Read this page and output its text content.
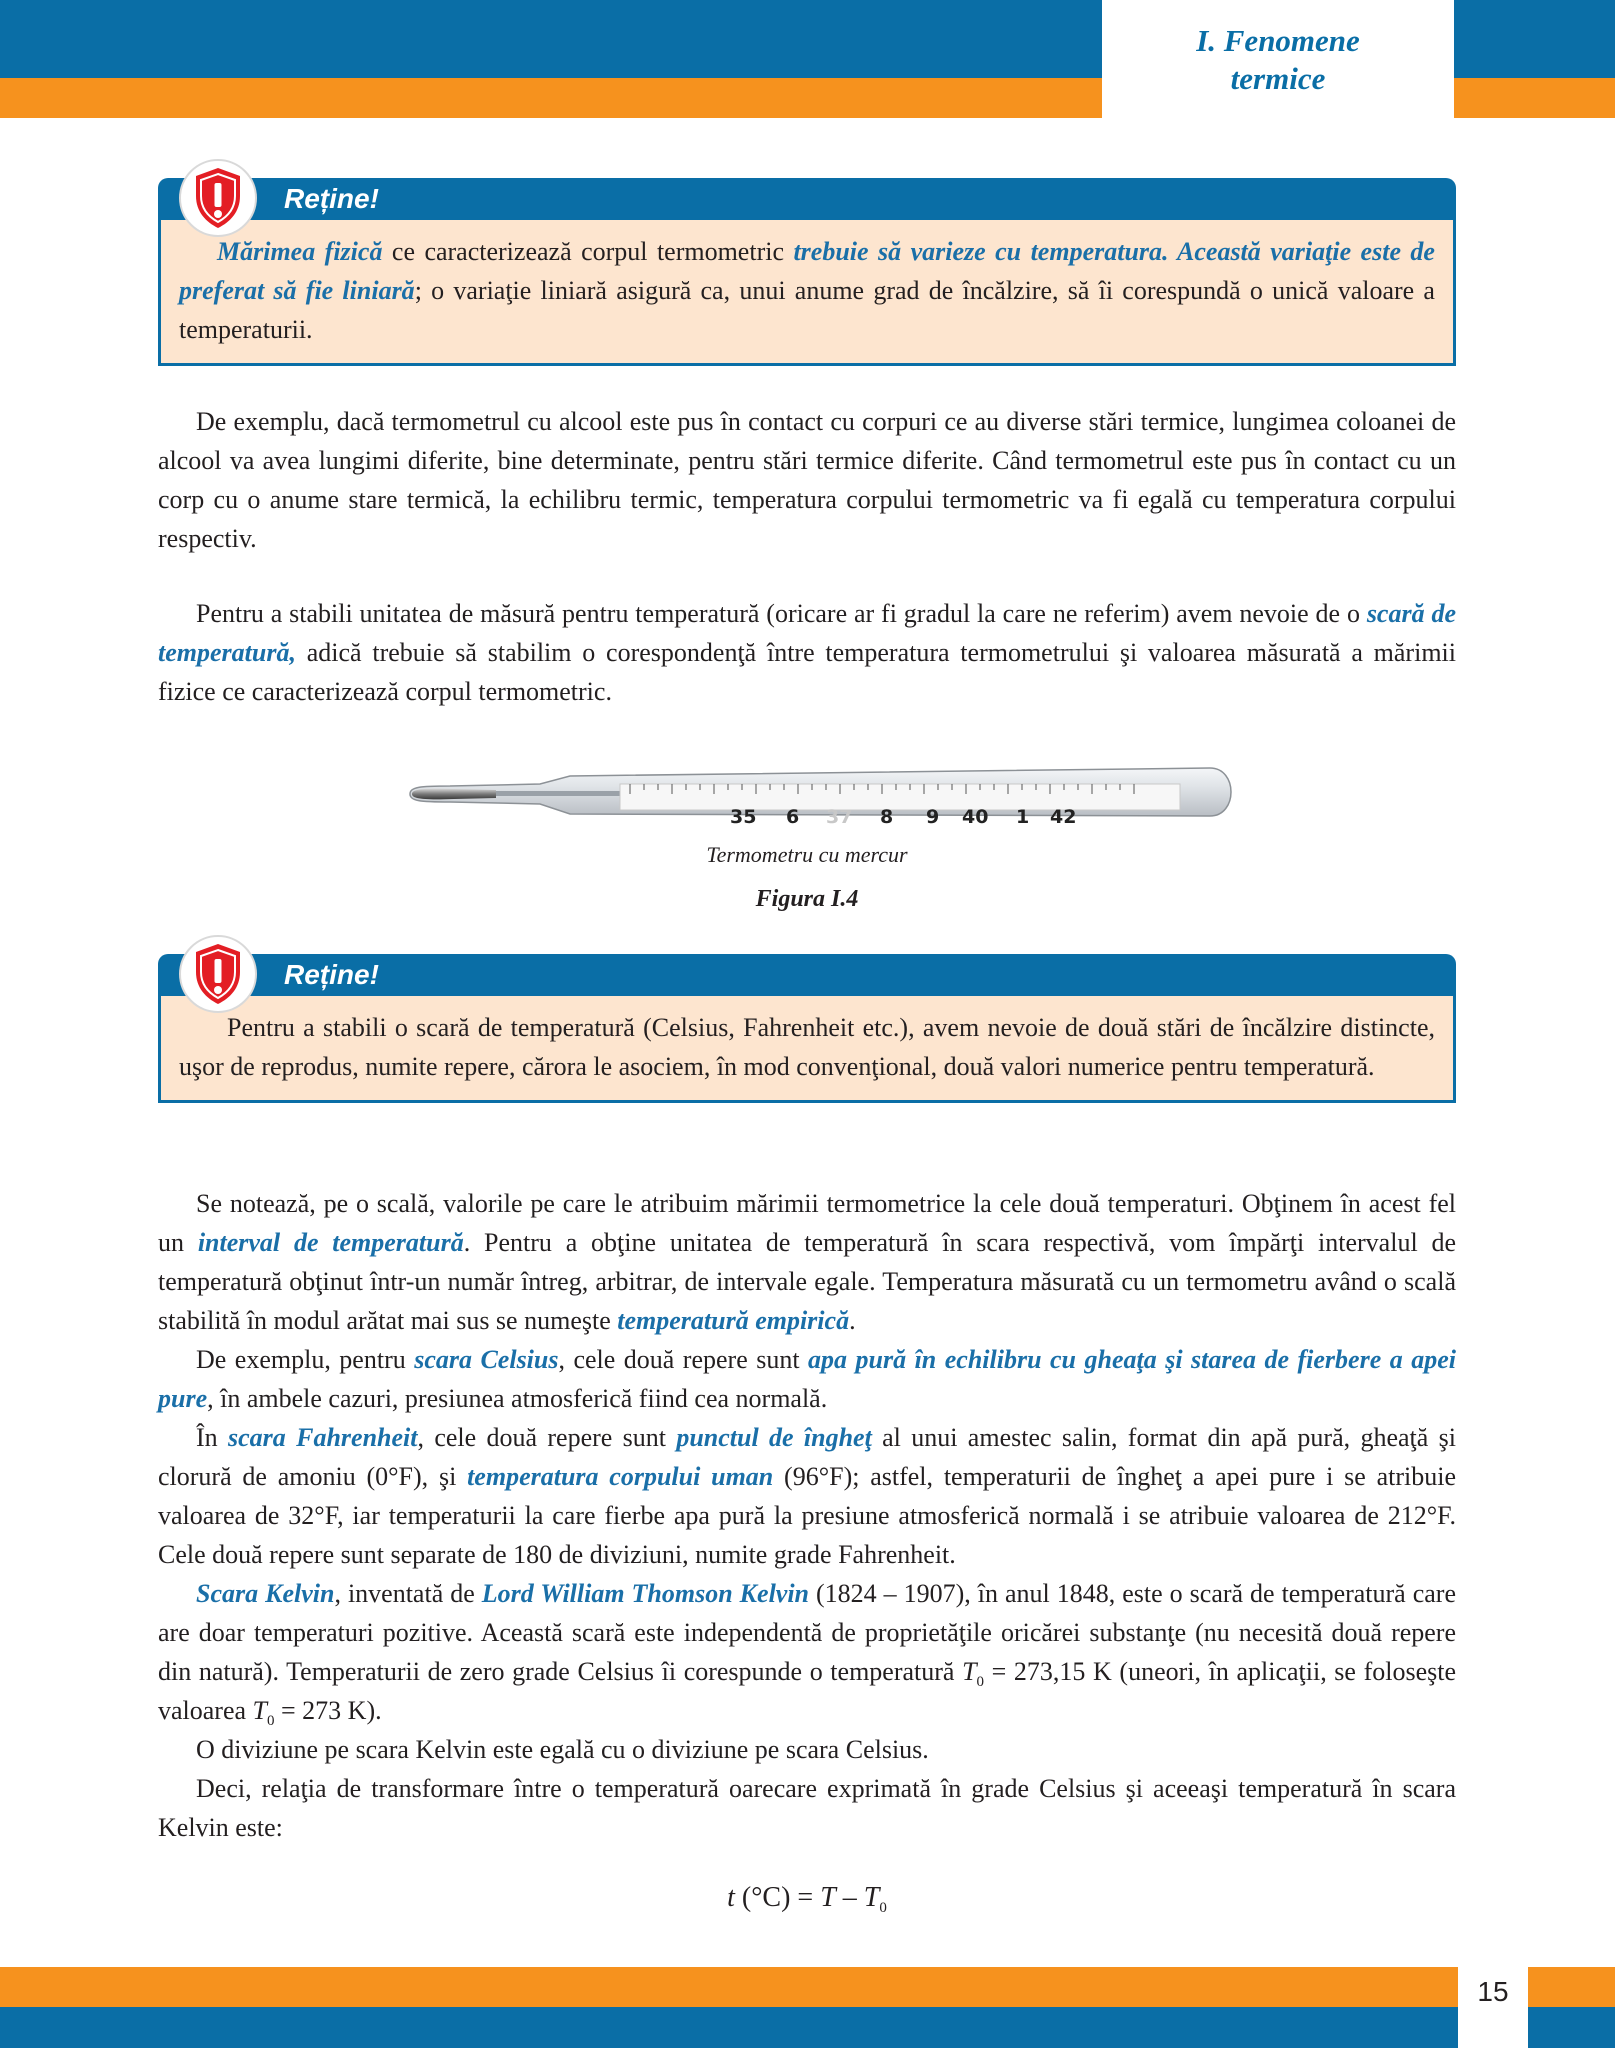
I. Fenomene
termice
Reține!
Mărimea fizică ce caracterizează corpul termometric trebuie să varieze cu temperatura. Această variaţie este de preferat să fie liniară; o variaţie liniară asigură ca, unui anume grad de încălzire, să îi corespundă o unică valoare a temperaturii.

De exemplu, dacă termometrul cu alcool este pus în contact cu corpuri ce au diverse stări termice, lungimea coloanei de alcool va avea lungimi diferite, bine determinate, pentru stări termice diferite. Când termometrul este pus în contact cu un corp cu o anume stare termică, la echilibru termic, temperatura corpului termometric va fi egală cu temperatura corpului respectiv.

Pentru a stabili unitatea de măsură pentru temperatură (oricare ar fi gradul la care ne referim) avem nevoie de o scară de temperatură, adică trebuie să stabilim o corespondenţă între temperatura termometrului şi valoarea măsurată a mărimii fizice ce caracterizează corpul termometric.

35 6 37 8 9 40 1 42
Termometru cu mercur
Figura I.4
Reține!
Pentru a stabili o scară de temperatură (Celsius, Fahrenheit etc.), avem nevoie de două stări de încălzire distincte, uşor de reprodus, numite repere, cărora le asociem, în mod convenţional, două valori numerice pentru temperatură.

Se notează, pe o scală, valorile pe care le atribuim mărimii termometrice la cele două temperaturi. Obţinem în acest fel un interval de temperatură. Pentru a obţine unitatea de temperatură în scara respectivă, vom împărţi intervalul de temperatură obţinut într-un număr întreg, arbitrar, de intervale egale. Temperatura măsurată cu un termometru având o scală stabilită în modul arătat mai sus se numeşte temperatură empirică.

De exemplu, pentru scara Celsius, cele două repere sunt apa pură în echilibru cu gheaţa şi starea de fierbere a apei pure, în ambele cazuri, presiunea atmosferică fiind cea normală.

În scara Fahrenheit, cele două repere sunt punctul de îngheţ al unui amestec salin, format din apă pură, gheaţă şi clorură de amoniu (0°F), şi temperatura corpului uman (96°F); astfel, temperaturii de îngheţ a apei pure i se atribuie valoarea de 32°F, iar temperaturii la care fierbe apa pură la presiune atmosferică normală i se atribuie valoarea de 212°F. Cele două repere sunt separate de 180 de diviziuni, numite grade Fahrenheit.

Scara Kelvin, inventată de Lord William Thomson Kelvin (1824 – 1907), în anul 1848, este o scară de temperatură care are doar temperaturi pozitive. Această scară este independentă de proprietăţile oricărei substanţe (nu necesită două repere din natură). Temperaturii de zero grade Celsius îi corespunde o temperatură $T_0 = 273,15$ K (uneori, în aplicaţii, se foloseşte valoarea $T_0 = 273$ K).

O diviziune pe scara Kelvin este egală cu o diviziune pe scara Celsius.

Deci, relaţia de transformare între o temperatură oarecare exprimată în grade Celsius şi aceeaşi temperatură în scara Kelvin este:

t $(^\circ C) = T - T_0$
15
